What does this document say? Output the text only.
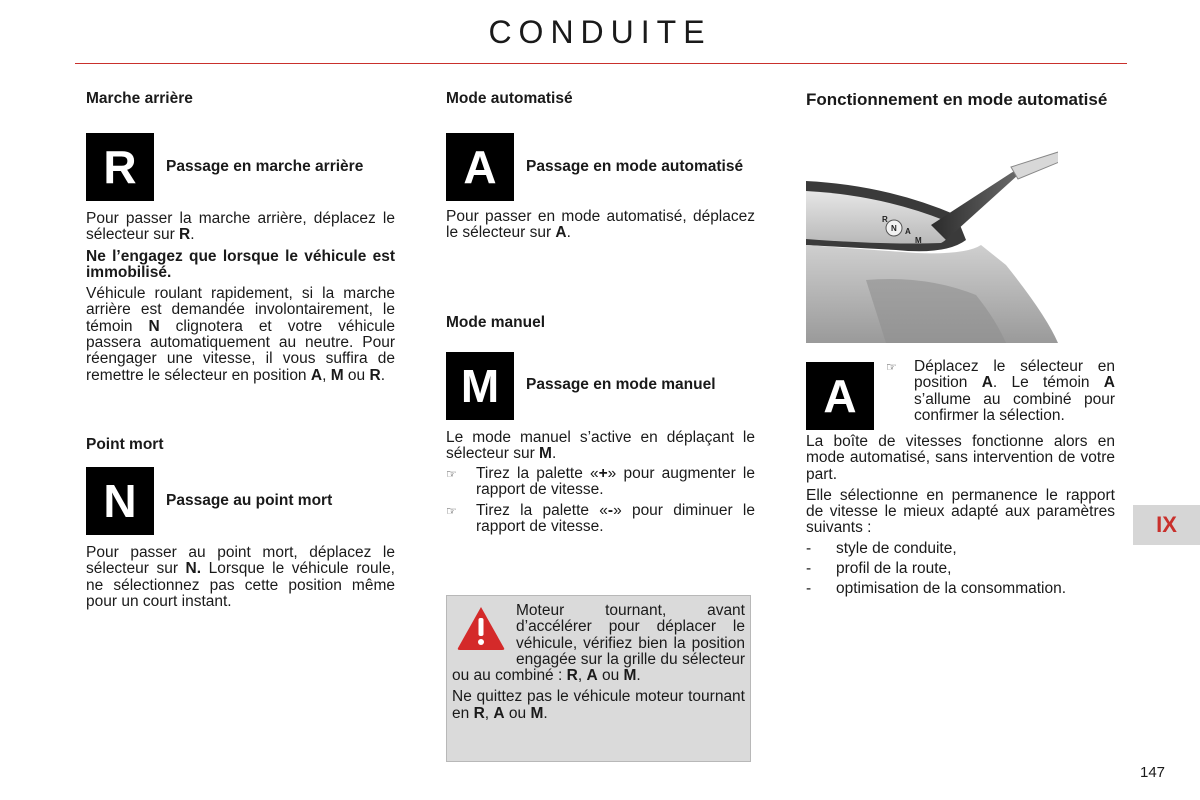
CONDUITE
Marche arrière
R	Passage en marche arrière

Pour passer la marche arrière, déplacez le sélecteur sur R.

Ne l’engagez que lorsque le véhicule est immobilisé.

Véhicule roulant rapidement, si la marche arrière est demandée involontairement, le témoin N clignotera et votre véhicule passera automatiquement au neutre. Pour réengager une vitesse, il vous suffira de remettre le sélecteur en position A, M ou R.

Point mort
N	Passage au point mort

Pour passer au point mort, déplacez le sélecteur sur N. Lorsque le véhicule roule, ne sélectionnez pas cette position même pour un court instant.

Mode automatisé
A	Passage en mode automatisé

Pour passer en mode automatisé, déplacez le sélecteur sur A.

Mode manuel
M	Passage en mode manuel

Le mode manuel s’active en déplaçant le sélecteur sur M.

☞	Tirez la palette «+» pour augmenter le rapport de vitesse.
☞	Tirez la palette «-» pour diminuer le rapport de vitesse.

Moteur tournant, avant d’accélérer pour déplacer le véhicule, vérifiez bien la position engagée sur la grille du sélecteur ou au combiné : R, A ou M.

Ne quittez pas le véhicule moteur tournant en R, A ou M.

Fonctionnement en mode automatisé
R
N A
M
A
☞	Déplacez le sélecteur en position A. Le témoin A s’allume au combiné pour confirmer la sélection.

La boîte de vitesses fonctionne alors en mode automatisé, sans intervention de votre part.

Elle sélectionne en permanence le rapport de vitesse le mieux adapté aux paramètres suivants :

-	style de conduite,
-	profil de la route,
-	optimisation de la consommation.
IX
147
